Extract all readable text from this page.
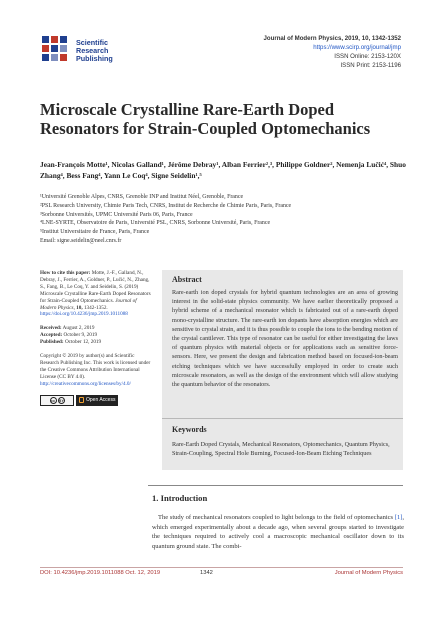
Scientific
Research
Publishing
Journal of Modern Physics, 2019, 10, 1342-1352
https://www.scirp.org/journal/jmp
ISSN Online: 2153-120X
ISSN Print: 2153-1196
Microscale Crystalline Rare-Earth Doped Resonators for Strain-Coupled Optomechanics
Jean-François Motte¹, Nicolas Galland¹, Jérôme Debray¹, Alban Ferrier²,³, Philippe Goldner², Nemenja Lučić⁴, Shuo Zhang⁴, Bess Fang⁴, Yann Le Coq⁴, Signe Seidelin¹,⁵
¹Université Grenoble Alpes, CNRS, Grenoble INP and Institut Néel, Grenoble, France
²PSL Research University, Chimie Paris Tech, CNRS, Institut de Recherche de Chimie Paris, Paris, France
³Sorbonne Universités, UPMC Université Paris 06, Paris, France
⁴LNE-SYRTE, Observatoire de Paris, Université PSL, CNRS, Sorbonne Université, Paris, France
⁵Institut Universitaire de France, Paris, France
Email: signe.seidelin@neel.cnrs.fr

How to cite this paper: Motte, J.-F., Galland, N., Debray, J., Ferrier, A., Goldner, P., Lučić, N., Zhang, S., Fang, B., Le Coq, Y. and Seidelin, S. (2019) Microscale Crystalline Rare-Earth Doped Resonators for Strain-Coupled Optomechanics. Journal of Modern Physics, 10, 1342-1352. https://doi.org/10.4236/jmp.2019.1011088

Received: August 2, 2019
Accepted: October 9, 2019
Published: October 12, 2019

Copyright © 2019 by author(s) and Scientific Research Publishing Inc. This work is licensed under the Creative Commons Attribution International License (CC BY 4.0).
http://creativecommons.org/licenses/by/4.0/

cc BY	Open Access
Abstract
Rare-earth ion doped crystals for hybrid quantum technologies are an area of growing interest in the solid-state physics community. We have earlier theoretically proposed a hybrid scheme of a mechanical resonator which is fabricated out of a rare-earth doped mono-crystalline structure. The rare-earth ion dopants have absorption energies which are sensitive to crystal strain, and it is thus possible to couple the ions to the bending motion of the crystal cantilever. This type of resonator can be useful for either investigating the laws of quantum physics with material objects or for applications such as sensitive force-sensors. Here, we present the design and fabrication method based on focused-ion-beam etching techniques which we have successfully employed in order to create such microscale resonators, as well as the design of the environment which will allow studying the quantum behavior of the resonators.
Keywords
Rare-Earth Doped Crystals, Mechanical Resonators, Optomechanics, Quantum Physics, Strain-Coupling, Spectral Hole Burning, Focused-Ion-Beam Etching Techniques
1. Introduction

The study of mechanical resonators coupled to light belongs to the field of optomechanics [1], which emerged experimentally about a decade ago, when several groups started to investigate the techniques required to actively cool a macroscopic mechanical oscillator down to its quantum ground state. The combi-

DOI: 10.4236/jmp.2019.1011088 Oct. 12, 2019	1342	Journal of Modern Physics
